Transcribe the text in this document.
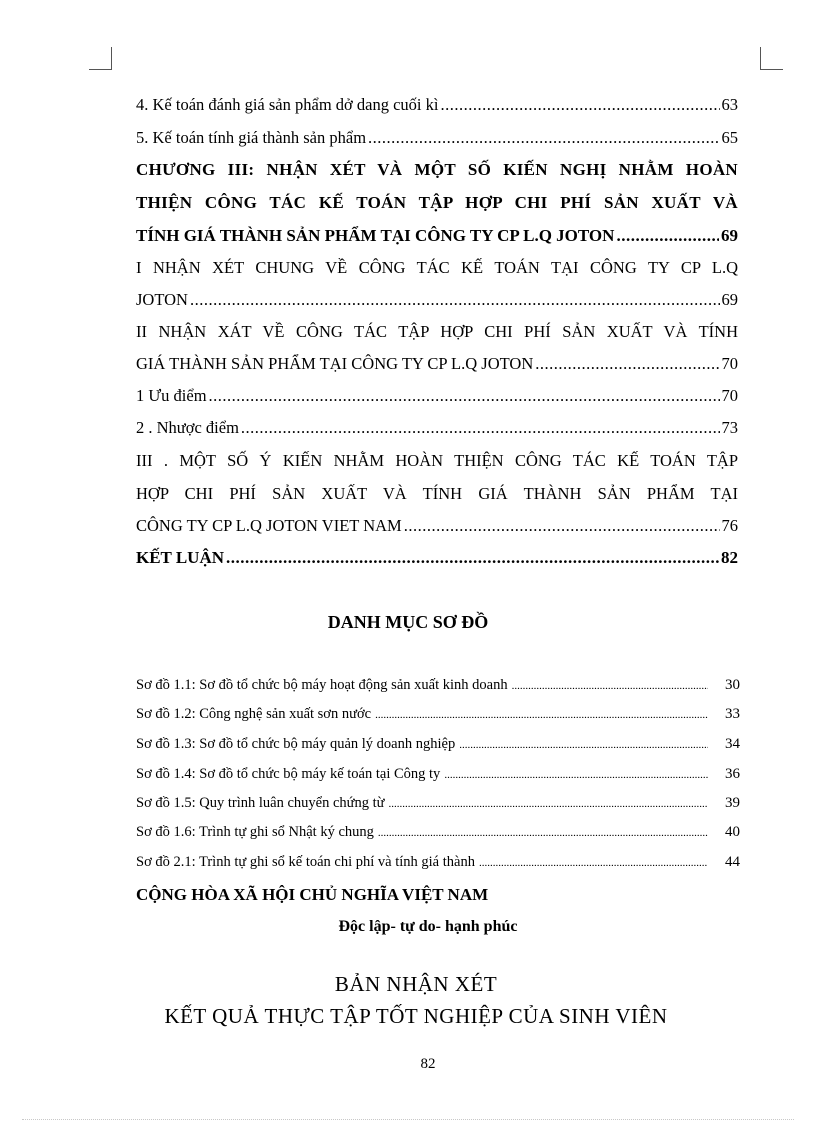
4. Kế toán đánh giá sản phẩm dở dang cuối kì .....	63
5. Kế toán tính giá thành sản phẩm .....	65
CHƯƠNG III: NHẬN XÉT VÀ MỘT SỐ KIẾN NGHỊ NHẰM HOÀN
THIỆN CÔNG TÁC KẾ TOÁN TẬP HỢP CHI PHÍ SẢN XUẤT VÀ
TÍNH GIÁ THÀNH SẢN PHẨM TẠI CÔNG TY CP L.Q JOTON .....	69
I NHẬN XÉT CHUNG VỀ CÔNG TÁC KẾ TOÁN TẠI CÔNG TY CP L.Q
JOTON .....	69
II NHẬN XÁT VỀ CÔNG TÁC TẬP HỢP CHI PHÍ SẢN XUẤT VÀ TÍNH
GIÁ THÀNH SẢN PHẨM TẠI CÔNG TY CP L.Q JOTON .....	70
1 Ưu điểm .....	70
2 . Nhược điểm .....	73
III . MỘT SỐ Ý KIẾN NHẰM HOÀN THIỆN CÔNG TÁC KẾ TOÁN TẬP
HỢP CHI PHÍ SẢN XUẤT VÀ TÍNH GIÁ THÀNH SẢN PHẨM TẠI
CÔNG TY CP L.Q JOTON VIET NAM .....	76
KẾT LUẬN .....	82
DANH MỤC SƠ ĐỒ
Sơ đồ 1.1: Sơ đồ tổ chức bộ máy hoạt động sản xuất kinh doanh .....	30
Sơ đồ 1.2: Công nghệ sản xuất sơn nước .....	33
Sơ đồ 1.3: Sơ đồ tổ chức bộ máy quản lý doanh nghiệp .....	34
Sơ đồ 1.4: Sơ đồ tổ chức bộ máy kế toán tại Công ty .....	36
Sơ đồ 1.5: Quy trình luân chuyển chứng từ .....	39
Sơ đồ 1.6: Trình tự ghi sổ Nhật ký chung .....	40
Sơ đồ 2.1: Trình tự ghi sổ kế toán chi phí và tính giá thành .....	44
CỘNG HÒA XÃ HỘI CHỦ NGHĨA VIỆT NAM
Độc lập- tự do- hạnh phúc
BẢN NHẬN XÉT
KẾT QUẢ THỰC TẬP TỐT NGHIỆP CỦA SINH VIÊN
82
